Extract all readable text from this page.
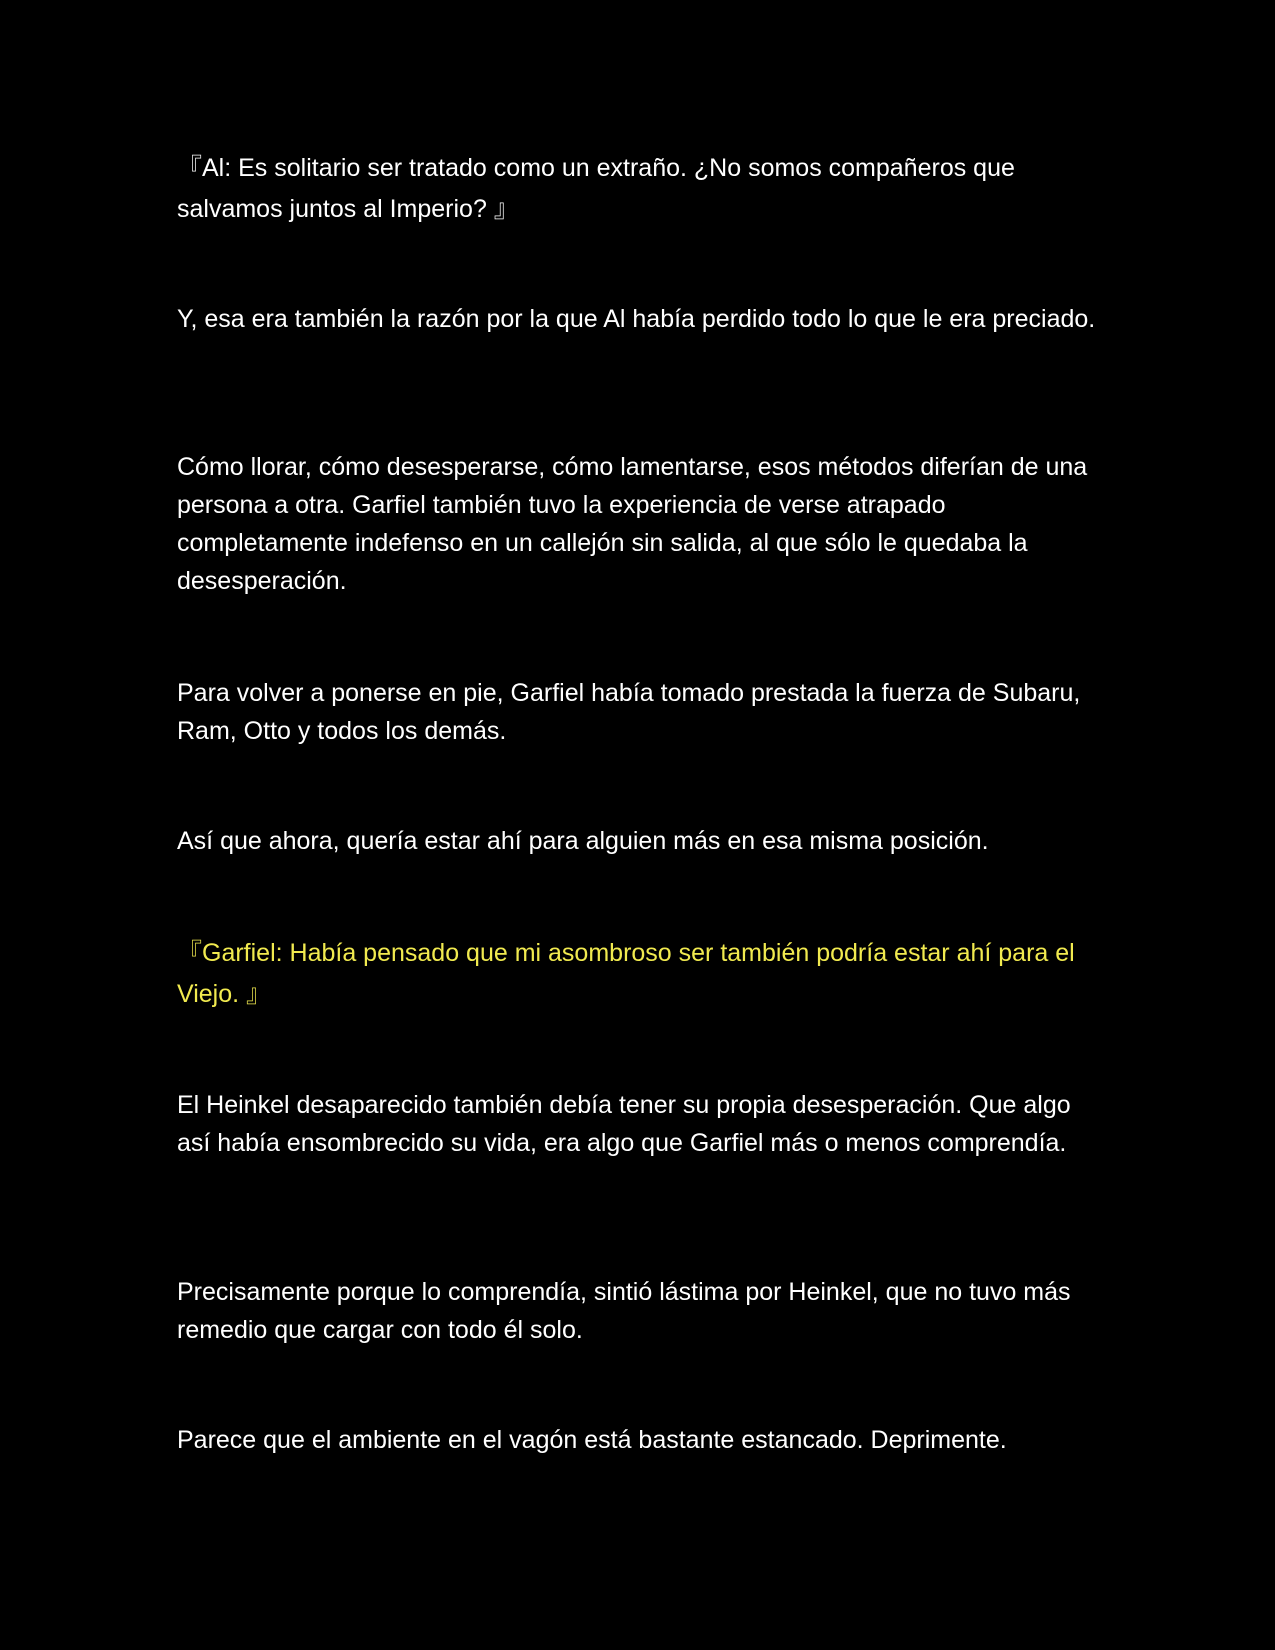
『Al: Es solitario ser tratado como un extraño. ¿No somos compañeros que salvamos juntos al Imperio? 』

Y, esa era también la razón por la que Al había perdido todo lo que le era preciado.

Cómo llorar, cómo desesperarse, cómo lamentarse, esos métodos diferían de una persona a otra. Garfiel también tuvo la experiencia de verse atrapado completamente indefenso en un callejón sin salida, al que sólo le quedaba la desesperación.

Para volver a ponerse en pie, Garfiel había tomado prestada la fuerza de Subaru, Ram, Otto y todos los demás.

Así que ahora, quería estar ahí para alguien más en esa misma posición.

『Garfiel: Había pensado que mi asombroso ser también podría estar ahí para el Viejo. 』

El Heinkel desaparecido también debía tener su propia desesperación. Que algo así había ensombrecido su vida, era algo que Garfiel más o menos comprendía.

Precisamente porque lo comprendía, sintió lástima por Heinkel, que no tuvo más remedio que cargar con todo él solo.

Parece que el ambiente en el vagón está bastante estancado. Deprimente.
